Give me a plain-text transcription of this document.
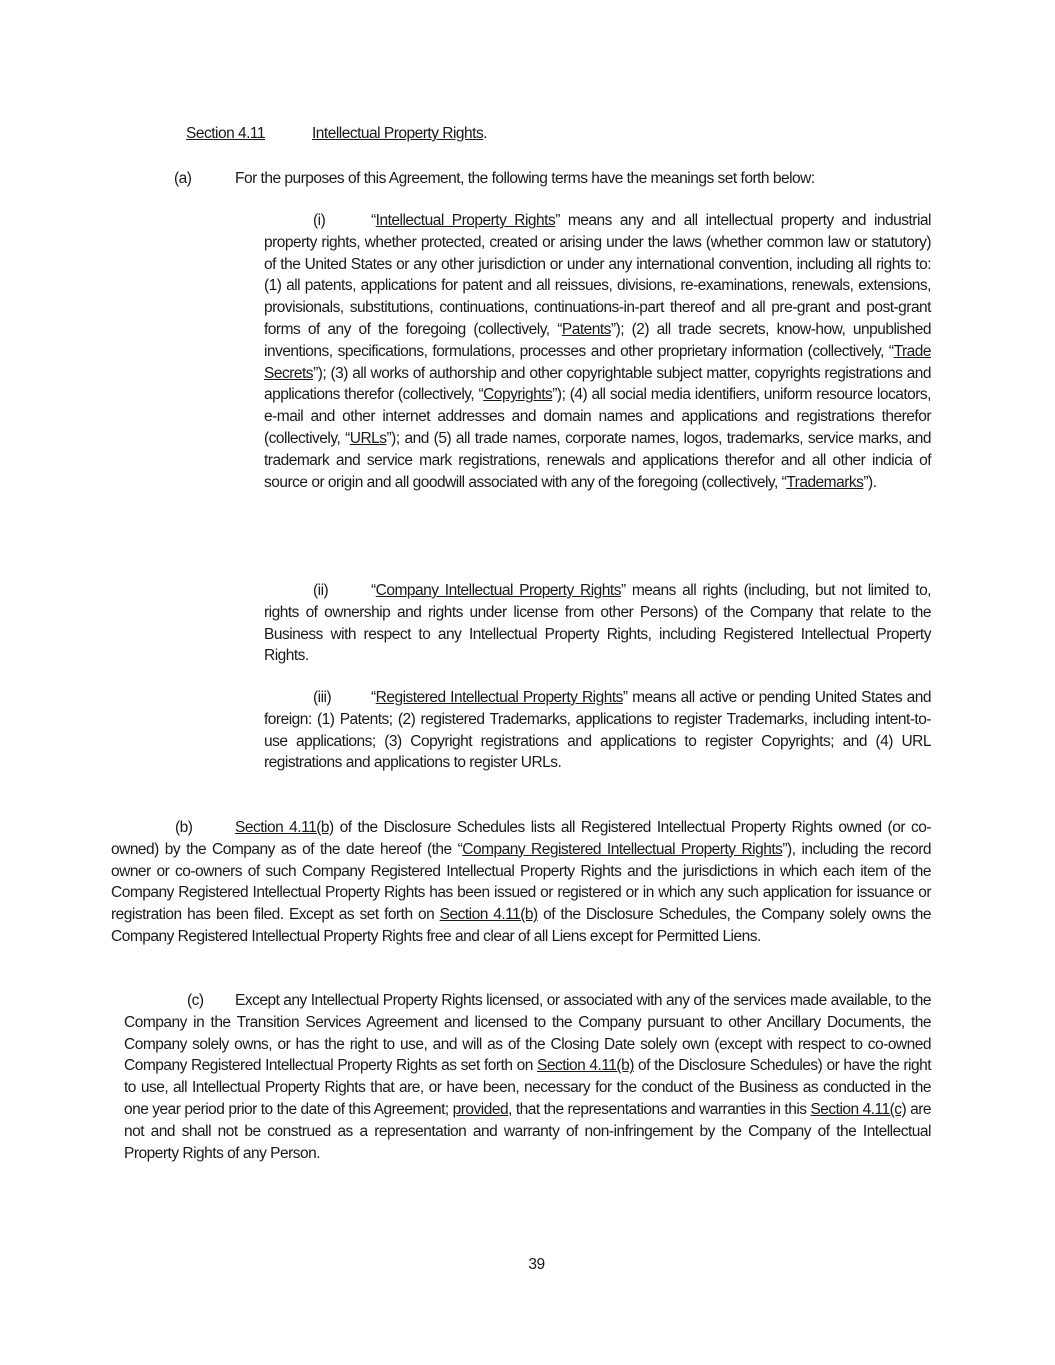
Section 4.11	Intellectual Property Rights.

(a)	For the purposes of this Agreement, the following terms have the meanings set forth below:

(i)	“Intellectual Property Rights” means any and all intellectual property and industrial property rights, whether protected, created or arising under the laws (whether common law or statutory) of the United States or any other jurisdiction or under any international convention, including all rights to: (1) all patents, applications for patent and all reissues, divisions, re-examinations, renewals, extensions, provisionals, substitutions, continuations, continuations-in-part thereof and all pre-grant and post-grant forms of any of the foregoing (collectively, “Patents”); (2) all trade secrets, know-how, unpublished inventions, specifications, formulations, processes and other proprietary information (collectively, “Trade Secrets”); (3) all works of authorship and other copyrightable subject matter, copyrights registrations and applications therefor (collectively, “Copyrights”); (4) all social media identifiers, uniform resource locators, e-mail and other internet addresses and domain names and applications and registrations therefor (collectively, “URLs”); and (5) all trade names, corporate names, logos, trademarks, service marks, and trademark and service mark registrations, renewals and applications therefor and all other indicia of source or origin and all goodwill associated with any of the foregoing (collectively, “Trademarks”).

(ii)	“Company Intellectual Property Rights” means all rights (including, but not limited to, rights of ownership and rights under license from other Persons) of the Company that relate to the Business with respect to any Intellectual Property Rights, including Registered Intellectual Property Rights.

(iii)	“Registered Intellectual Property Rights” means all active or pending United States and foreign: (1) Patents; (2) registered Trademarks, applications to register Trademarks, including intent-to-use applications; (3) Copyright registrations and applications to register Copyrights; and (4) URL registrations and applications to register URLs.

(b)	Section 4.11(b) of the Disclosure Schedules lists all Registered Intellectual Property Rights owned (or co-owned) by the Company as of the date hereof (the “Company Registered Intellectual Property Rights”), including the record owner or co-owners of such Company Registered Intellectual Property Rights and the jurisdictions in which each item of the Company Registered Intellectual Property Rights has been issued or registered or in which any such application for issuance or registration has been filed. Except as set forth on Section 4.11(b) of the Disclosure Schedules, the Company solely owns the Company Registered Intellectual Property Rights free and clear of all Liens except for Permitted Liens.

(c) Except any Intellectual Property Rights licensed, or associated with any of the services made available, to the Company in the Transition Services Agreement and licensed to the Company pursuant to other Ancillary Documents, the Company solely owns, or has the right to use, and will as of the Closing Date solely own (except with respect to co-owned Company Registered Intellectual Property Rights as set forth on Section 4.11(b) of the Disclosure Schedules) or have the right to use, all Intellectual Property Rights that are, or have been, necessary for the conduct of the Business as conducted in the one year period prior to the date of this Agreement; provided, that the representations and warranties in this Section 4.11(c) are not and shall not be construed as a representation and warranty of non-infringement by the Company of the Intellectual Property Rights of any Person.

39
